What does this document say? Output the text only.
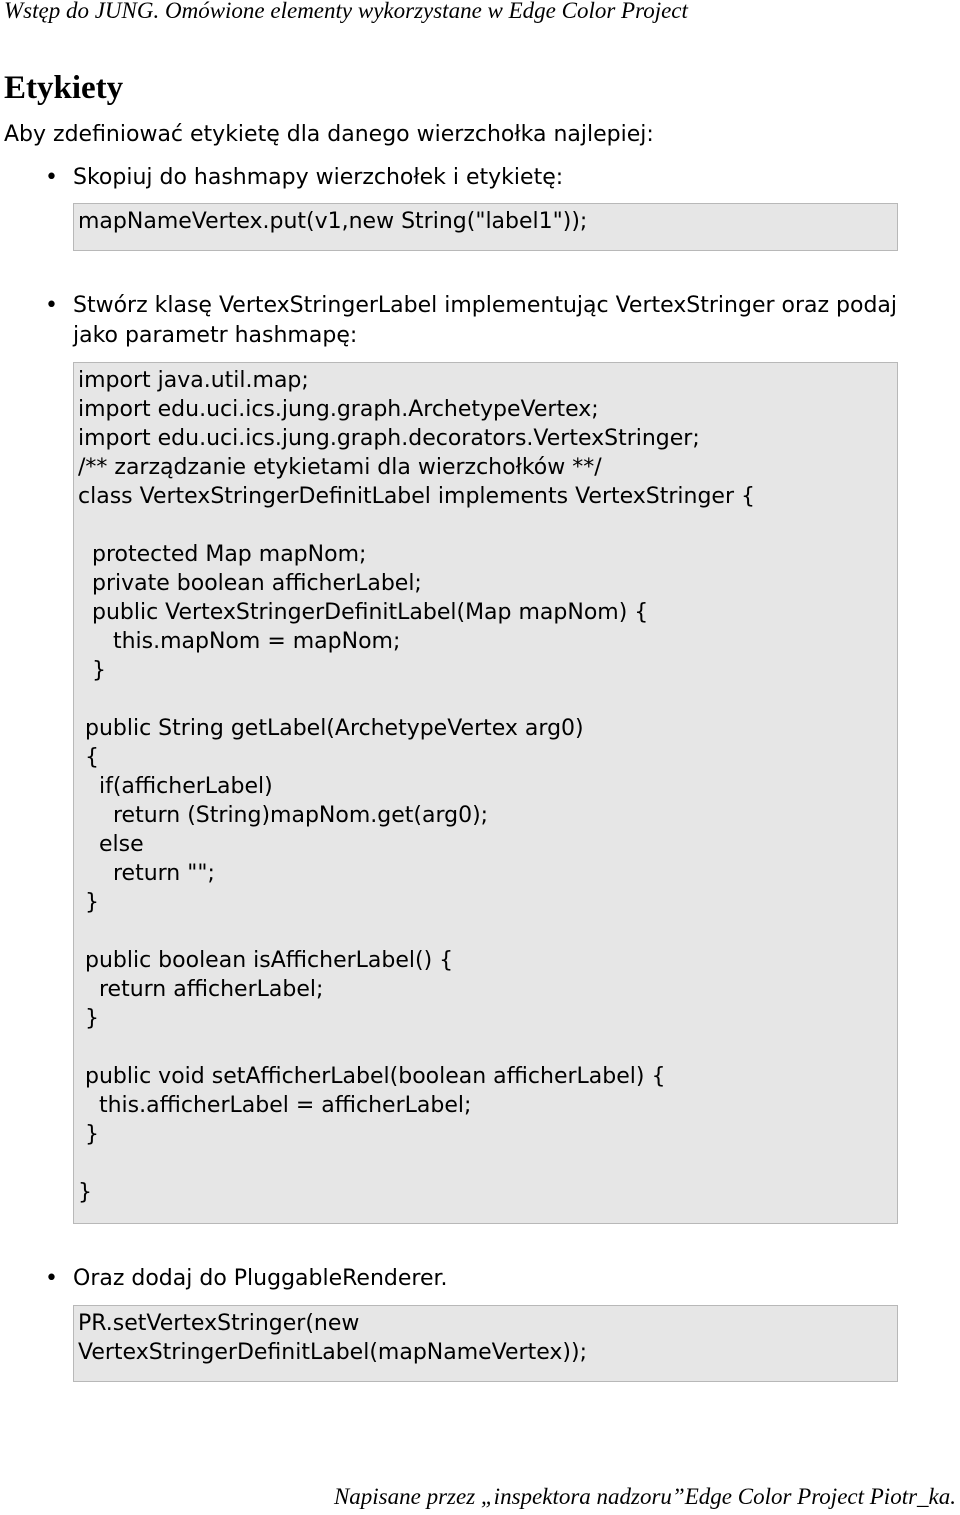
Wstęp do JUNG. Omówione elementy wykorzystane w Edge Color Project
Etykiety
Aby zdefiniować etykietę dla danego wierzchołka najlepiej:
• Skopiuj do hashmapy wierzchołek i etykietę:
mapNameVertex.put(v1,new String("label1"));
• Stwórz klasę VertexStringerLabel implementując VertexStringer oraz podaj jako parametr hashmapę:
import java.util.map;
import edu.uci.ics.jung.graph.ArchetypeVertex;
import edu.uci.ics.jung.graph.decorators.VertexStringer;
/** zarządzanie etykietami dla wierzchołków **/
class VertexStringerDefinitLabel implements VertexStringer {
protected Map mapNom;
private boolean afficherLabel;
public VertexStringerDefinitLabel(Map mapNom) {
this.mapNom = mapNom;
}
public String getLabel(ArchetypeVertex arg0)
{
if(afficherLabel)
return (String)mapNom.get(arg0);
else
return "";
}
public boolean isAfficherLabel() {
return afficherLabel;
}
public void setAfficherLabel(boolean afficherLabel) {
this.afficherLabel = afficherLabel;
}
}
• Oraz dodaj do PluggableRenderer.
PR.setVertexStringer(new
VertexStringerDefinitLabel(mapNameVertex));
Napisane przez „inspektora nadzoru”Edge Color Project Piotr_ka.
